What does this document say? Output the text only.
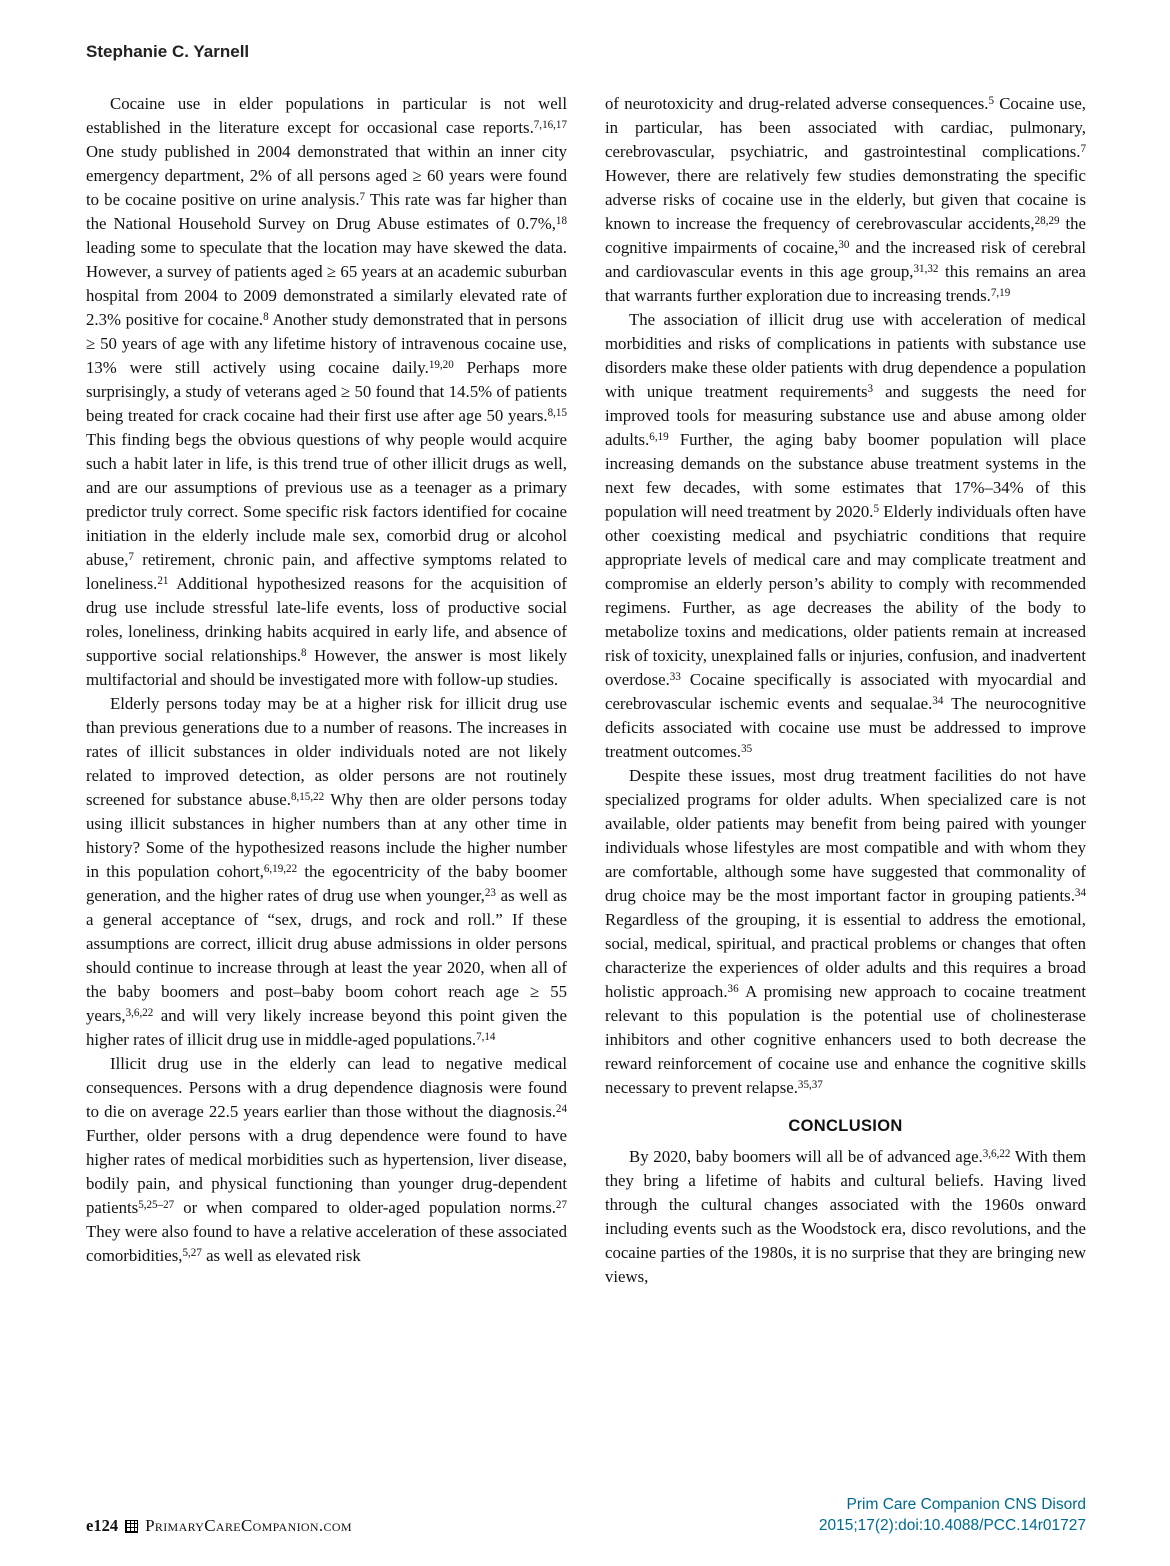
Stephanie C. Yarnell

Cocaine use in elder populations in particular is not well established in the literature except for occasional case reports.$^{7,16,17}$ One study published in 2004 demonstrated that within an inner city emergency department, 2% of all persons aged ≥ 60 years were found to be cocaine positive on urine analysis.$^7$ This rate was far higher than the National Household Survey on Drug Abuse estimates of 0.7%,$^{18}$ leading some to speculate that the location may have skewed the data. However, a survey of patients aged ≥ 65 years at an academic suburban hospital from 2004 to 2009 demonstrated a similarly elevated rate of 2.3% positive for cocaine.$^8$ Another study demonstrated that in persons ≥ 50 years of age with any lifetime history of intravenous cocaine use, 13% were still actively using cocaine daily.$^{19,20}$ Perhaps more surprisingly, a study of veterans aged ≥ 50 found that 14.5% of patients being treated for crack cocaine had their first use after age 50 years.$^{8,15}$ This finding begs the obvious questions of why people would acquire such a habit later in life, is this trend true of other illicit drugs as well, and are our assumptions of previous use as a teenager as a primary predictor truly correct. Some specific risk factors identified for cocaine initiation in the elderly include male sex, comorbid drug or alcohol abuse,$^7$ retirement, chronic pain, and affective symptoms related to loneliness.$^{21}$ Additional hypothesized reasons for the acquisition of drug use include stressful late-life events, loss of productive social roles, loneliness, drinking habits acquired in early life, and absence of supportive social relationships.$^8$ However, the answer is most likely multifactorial and should be investigated more with follow-up studies.

Elderly persons today may be at a higher risk for illicit drug use than previous generations due to a number of reasons. The increases in rates of illicit substances in older individuals noted are not likely related to improved detection, as older persons are not routinely screened for substance abuse.$^{8,15,22}$ Why then are older persons today using illicit substances in higher numbers than at any other time in history? Some of the hypothesized reasons include the higher number in this population cohort,$^{6,19,22}$ the egocentricity of the baby boomer generation, and the higher rates of drug use when younger,$^{23}$ as well as a general acceptance of “sex, drugs, and rock and roll.” If these assumptions are correct, illicit drug abuse admissions in older persons should continue to increase through at least the year 2020, when all of the baby boomers and post–baby boom cohort reach age ≥ 55 years,$^{3,6,22}$ and will very likely increase beyond this point given the higher rates of illicit drug use in middle-aged populations.$^{7,14}$

Illicit drug use in the elderly can lead to negative medical consequences. Persons with a drug dependence diagnosis were found to die on average 22.5 years earlier than those without the diagnosis.$^{24}$ Further, older persons with a drug dependence were found to have higher rates of medical morbidities such as hypertension, liver disease, bodily pain, and physical functioning than younger drug-dependent patients$^{5,25-27}$ or when compared to older-aged population norms.$^{27}$ They were also found to have a relative acceleration of these associated comorbidities,$^{5,27}$ as well as elevated risk

of neurotoxicity and drug-related adverse consequences.$^5$ Cocaine use, in particular, has been associated with cardiac, pulmonary, cerebrovascular, psychiatric, and gastrointestinal complications.$^7$ However, there are relatively few studies demonstrating the specific adverse risks of cocaine use in the elderly, but given that cocaine is known to increase the frequency of cerebrovascular accidents,$^{28,29}$ the cognitive impairments of cocaine,$^{30}$ and the increased risk of cerebral and cardiovascular events in this age group,$^{31,32}$ this remains an area that warrants further exploration due to increasing trends.$^{7,19}$

The association of illicit drug use with acceleration of medical morbidities and risks of complications in patients with substance use disorders make these older patients with drug dependence a population with unique treatment requirements$^3$ and suggests the need for improved tools for measuring substance use and abuse among older adults.$^{6,19}$ Further, the aging baby boomer population will place increasing demands on the substance abuse treatment systems in the next few decades, with some estimates that 17%–34% of this population will need treatment by 2020.$^5$ Elderly individuals often have other coexisting medical and psychiatric conditions that require appropriate levels of medical care and may complicate treatment and compromise an elderly person’s ability to comply with recommended regimens. Further, as age decreases the ability of the body to metabolize toxins and medications, older patients remain at increased risk of toxicity, unexplained falls or injuries, confusion, and inadvertent overdose.$^{33}$ Cocaine specifically is associated with myocardial and cerebrovascular ischemic events and sequalae.$^{34}$ The neurocognitive deficits associated with cocaine use must be addressed to improve treatment outcomes.$^{35}$

Despite these issues, most drug treatment facilities do not have specialized programs for older adults. When specialized care is not available, older patients may benefit from being paired with younger individuals whose lifestyles are most compatible and with whom they are comfortable, although some have suggested that commonality of drug choice may be the most important factor in grouping patients.$^{34}$ Regardless of the grouping, it is essential to address the emotional, social, medical, spiritual, and practical problems or changes that often characterize the experiences of older adults and this requires a broad holistic approach.$^{36}$ A promising new approach to cocaine treatment relevant to this population is the potential use of cholinesterase inhibitors and other cognitive enhancers used to both decrease the reward reinforcement of cocaine use and enhance the cognitive skills necessary to prevent relapse.$^{35,37}$

CONCLUSION

By 2020, baby boomers will all be of advanced age.$^{3,6,22}$ With them they bring a lifetime of habits and cultural beliefs. Having lived through the cultural changes associated with the 1960s onward including events such as the Woodstock era, disco revolutions, and the cocaine parties of the 1980s, it is no surprise that they are bringing new views,

e124 PrimaryCareCompanion.com
Prim Care Companion CNS Disord
2015;17(2):doi:10.4088/PCC.14r01727
